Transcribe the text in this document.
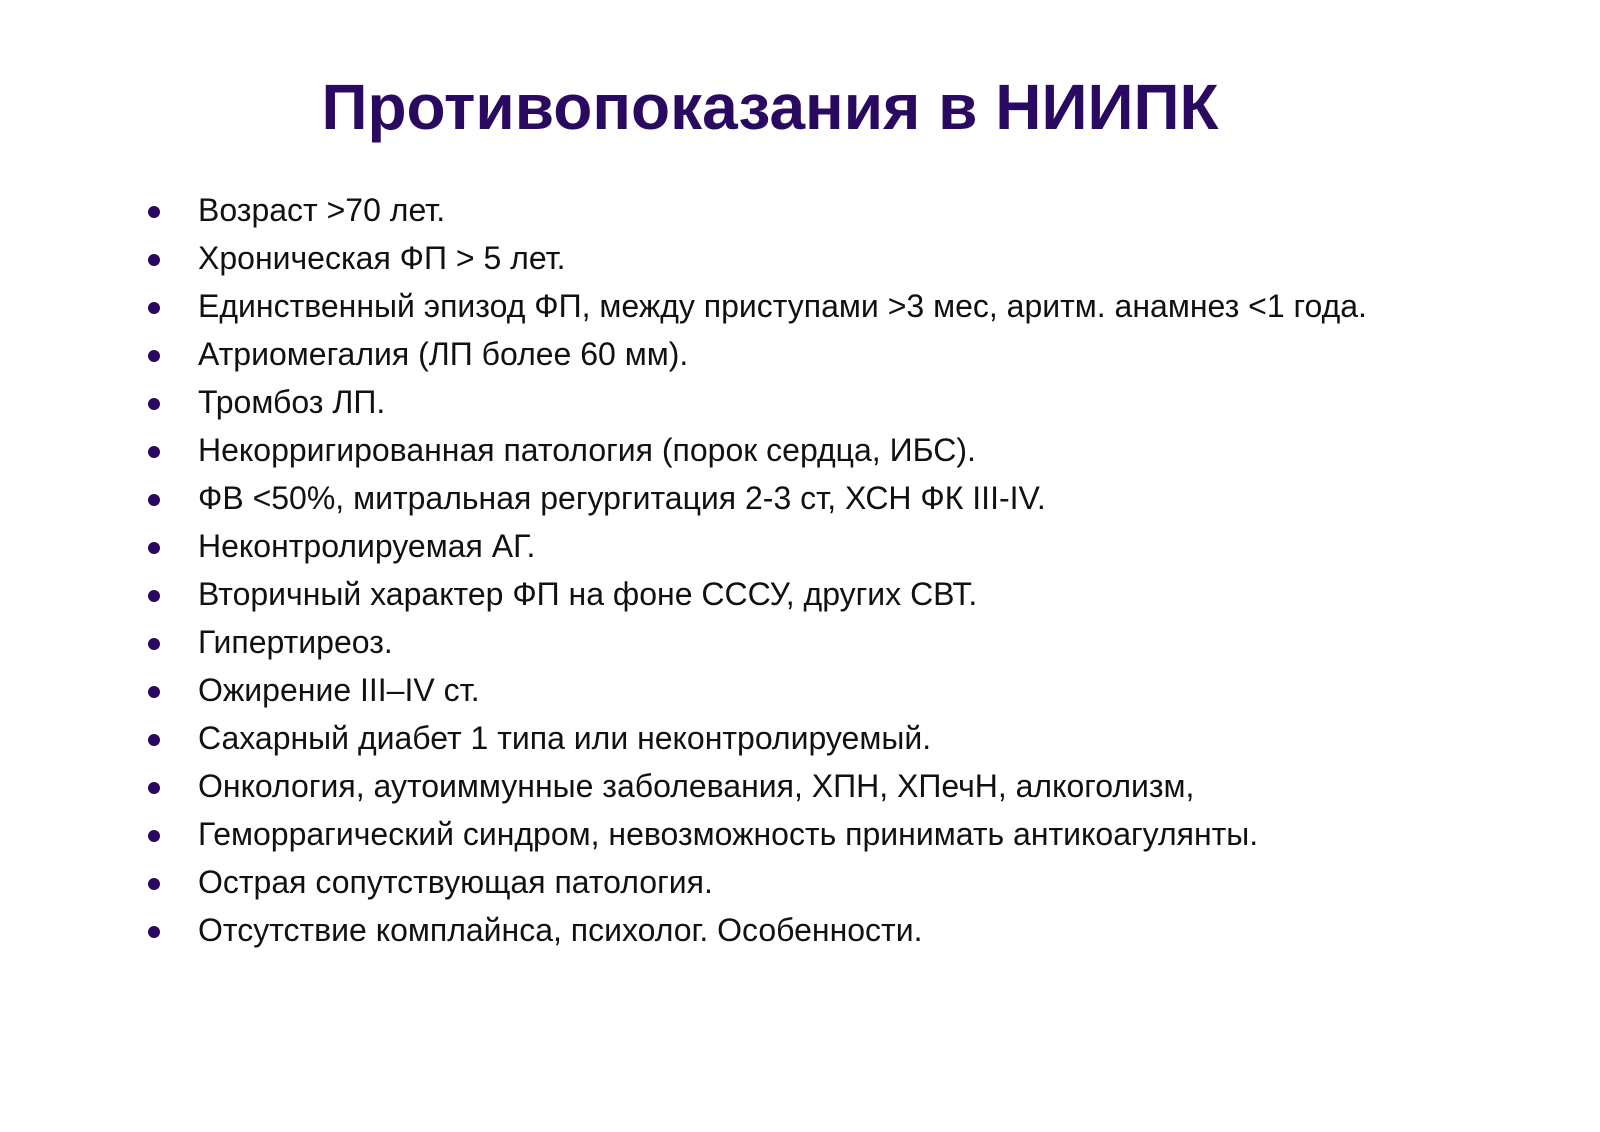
Противопоказания в НИИПК
Возраст >70 лет.
Хроническая ФП > 5 лет.
Единственный эпизод ФП, между приступами >3 мес, аритм. анамнез <1 года.
Атриомегалия (ЛП более 60 мм).
Тромбоз ЛП.
Некорригированная патология (порок сердца, ИБС).
ФВ <50%, митральная регургитация 2-3 ст, ХСН ФК III-IV.
Неконтролируемая АГ.
Вторичный характер ФП на фоне СССУ, других СВТ.
Гипертиреоз.
Ожирение III–IV ст.
Сахарный диабет 1 типа или неконтролируемый.
Онкология, аутоиммунные заболевания, ХПН, ХПечН, алкоголизм,
Геморрагический синдром, невозможность принимать антикоагулянты.
Острая сопутствующая патология.
Отсутствие комплайнса, психолог. Особенности.
